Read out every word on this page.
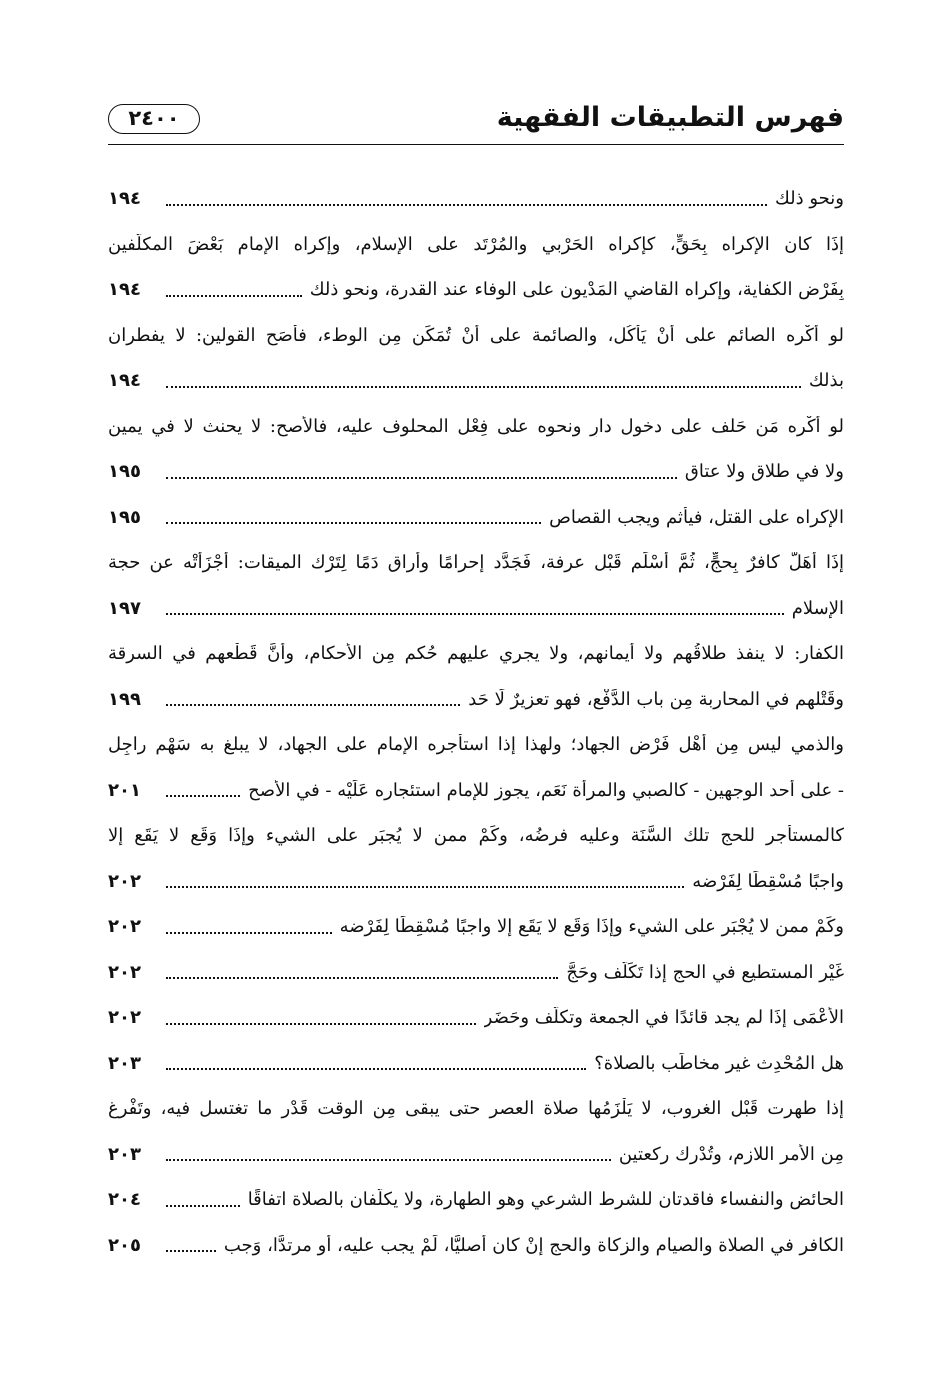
فهرس التطبيقات الفقهية
٢٤٠٠
ونحو ذلك
١٩٤
إذَا كان الإكراه بِحَقٍّ، كإكراه الحَرْبي والمُرْتَد على الإسلام، وإكراه الإمام بَعْضَ المكلَّفين
بِفَرْض الكفاية، وإكراه القاضي المَدْيون على الوفاء عند القدرة، ونحو ذلك
١٩٤
لو أُكْرِه الصائم على أنْ يَأكُل، والصائمة على أنْ تُمَكِّن مِن الوطء، فأصَح القولين: لا يفطران
بذلك
١٩٤
لو أُكْرِه مَن حَلف على دخول دارٍ ونحوه على فِعْل المحلوف عليه، فالأصح: لا يحنث لا في يمين
ولا في طلاق ولا عتاق
١٩٥
الإكراه على القتل، فيأثم ويجب القصاص
١٩٥
إذَا أَهَلَّ كافرٌ بِحجٍّ، ثُمَّ أَسْلَم قَبْل عرفة، فَجَدَّد إحرامًا وأراق دَمًا لِتَرْك الميقات: أَجْزَأَتْه عن حجة
الإسلام
١٩٧
الكفار: لا ينفذ طلاقُهم ولا أيمانهم، ولا يجري عليهم حُكم مِن الأحكام، وأنَّ قَطْعهم في السرقة
وقَتْلهم في المحاربة مِن باب الدَّفْع، فهو تعزيرٌ لَا حَد
١٩٩
والذمي ليس مِن أَهْل فَرْض الجهاد؛ ولهذا إذا استأجره الإمام على الجهاد، لا يبلغ به سَهْم راجِل
- على أحد الوجهين - كالصبي والمرأة نَعَم، يجوز للإمام استئجاره عَلَيْه - في الأصح
٢٠١
كالمستأجر للحج تلك السَّنَة وعليه فرضُه، وكَمْ ممن لا يُجبَر على الشيء وإذَا وَقَع لا يَقَع إلا
واجبًا مُسْقِطًا لِفَرْضه
٢٠٢
وكَمْ ممن لا يُجْبَر على الشيء وإذَا وَقَع لا يَقَع إلا واجبًا مُسْقِطًا لِفَرْضه
٢٠٢
غَيْر المستطيع في الحج إذا تَكَلَّف وحَجَّ
٢٠٢
الأَعْمَى إذَا لم يجد قائدًا في الجمعة وتكلَّف وحَضَر
٢٠٢
هل المُحْدِث غير مخاطَب بالصلاة؟
٢٠٣
إذا طهرت قَبْل الغروب، لا يَلْزَمُها صلاة العصر حتى يبقى مِن الوقت قَدْر ما تغتسل فيه، وتَفْرغ
مِن الأمر اللازم، وتُدْرِك ركعتين
٢٠٣
الحائض والنفساء فاقدتان للشرط الشرعي وهو الطهارة، ولا يكلَّفان بالصلاة اتفاقًا
٢٠٤
الكافر في الصلاة والصيام والزكاة والحج إنْ كان أصليًّا، لَمْ يجب عليه، أو مرتدًّا، وَجب
٢٠٥
